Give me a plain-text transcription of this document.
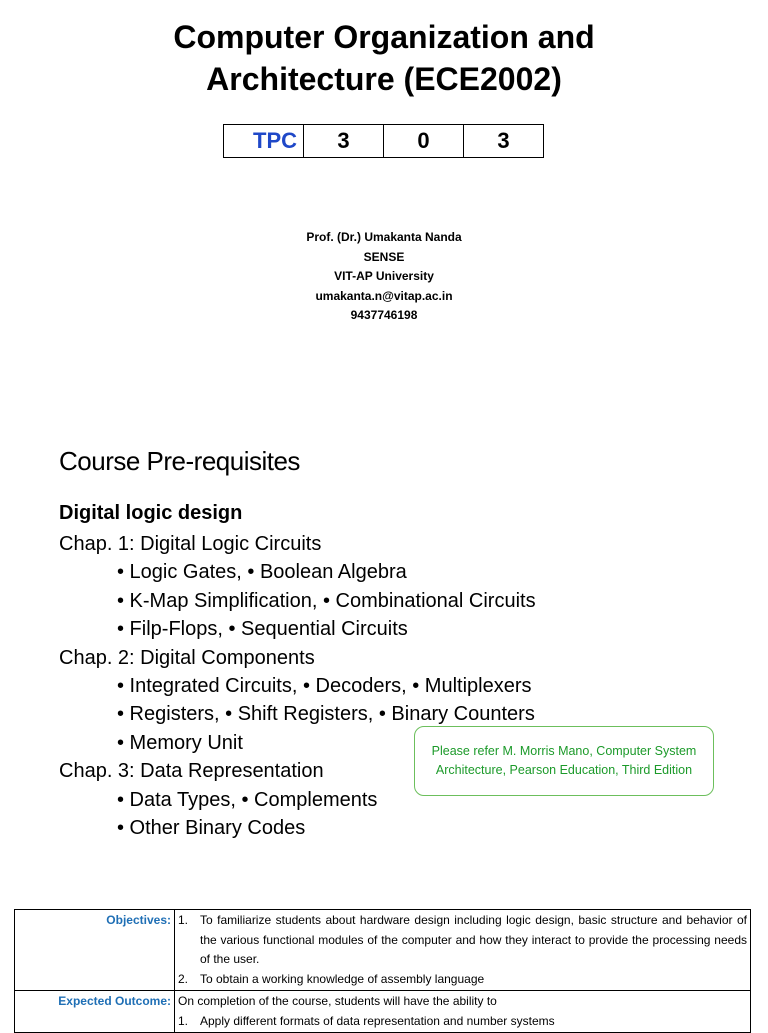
Computer Organization and
Architecture (ECE2002)
TPC	3	0	3
Prof. (Dr.) Umakanta Nanda
SENSE
VIT-AP University
umakanta.n@vitap.ac.in
9437746198
Course Pre-requisites
Digital logic design
Chap. 1: Digital Logic Circuits
• Logic Gates, • Boolean Algebra
• K-Map Simplification, • Combinational Circuits
• Filp-Flops, • Sequential Circuits
Chap. 2: Digital Components
• Integrated Circuits, • Decoders, • Multiplexers
• Registers, • Shift Registers, • Binary Counters
• Memory Unit
Chap. 3: Data Representation
• Data Types, • Complements
• Other Binary Codes
Please refer M. Morris Mano, Computer System Architecture, Pearson Education, Third Edition
Objectives:	1. To familiarize students about hardware design including logic design, basic structure and behavior of the various functional modules of the computer and how they interact to provide the processing needs of the user.
2. To obtain a working knowledge of assembly language

Expected Outcome:	On completion of the course, students will have the ability to
1. Apply different formats of data representation and number systems
